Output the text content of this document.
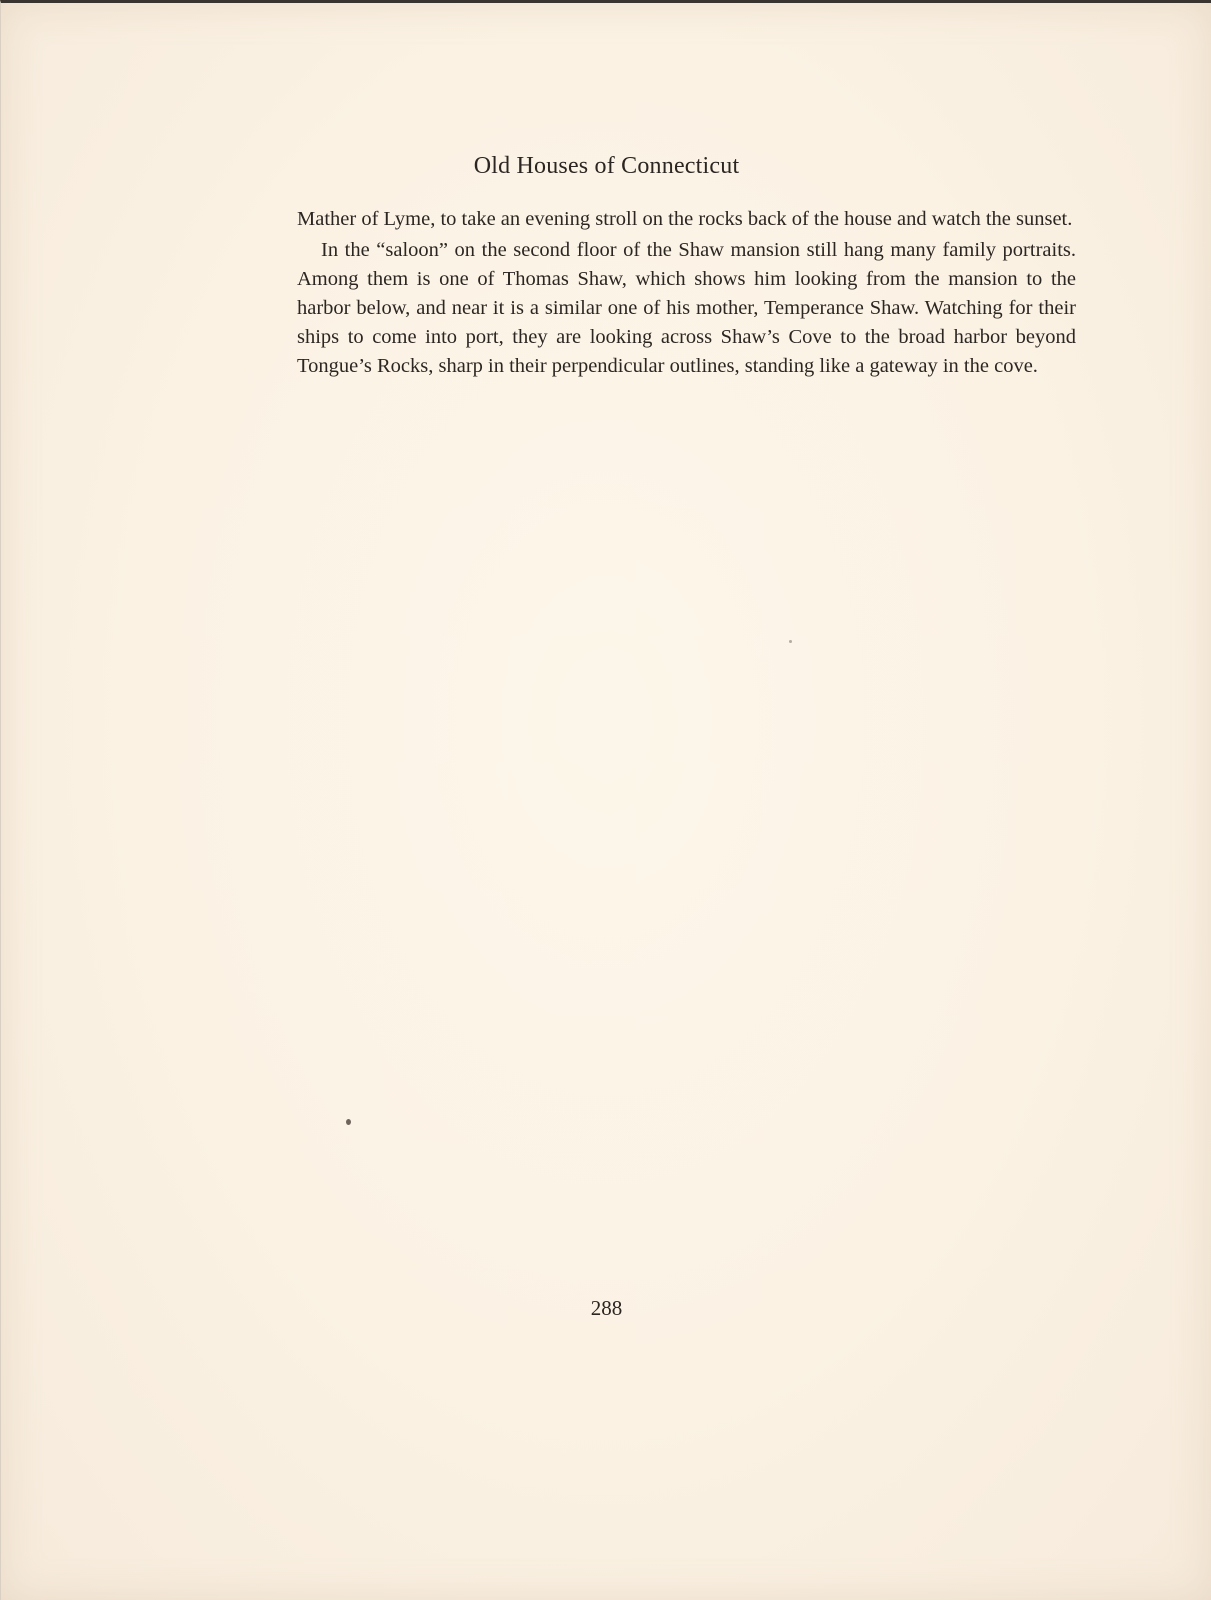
Old Houses of Connecticut

Mather of Lyme, to take an evening stroll on the rocks back of the house and watch the sunset.

In the “saloon” on the second floor of the Shaw mansion still hang many family portraits. Among them is one of Thomas Shaw, which shows him looking from the mansion to the harbor below, and near it is a similar one of his mother, Temperance Shaw. Watching for their ships to come into port, they are looking across Shaw’s Cove to the broad harbor beyond Tongue’s Rocks, sharp in their perpendicular outlines, standing like a gateway in the cove.

288
